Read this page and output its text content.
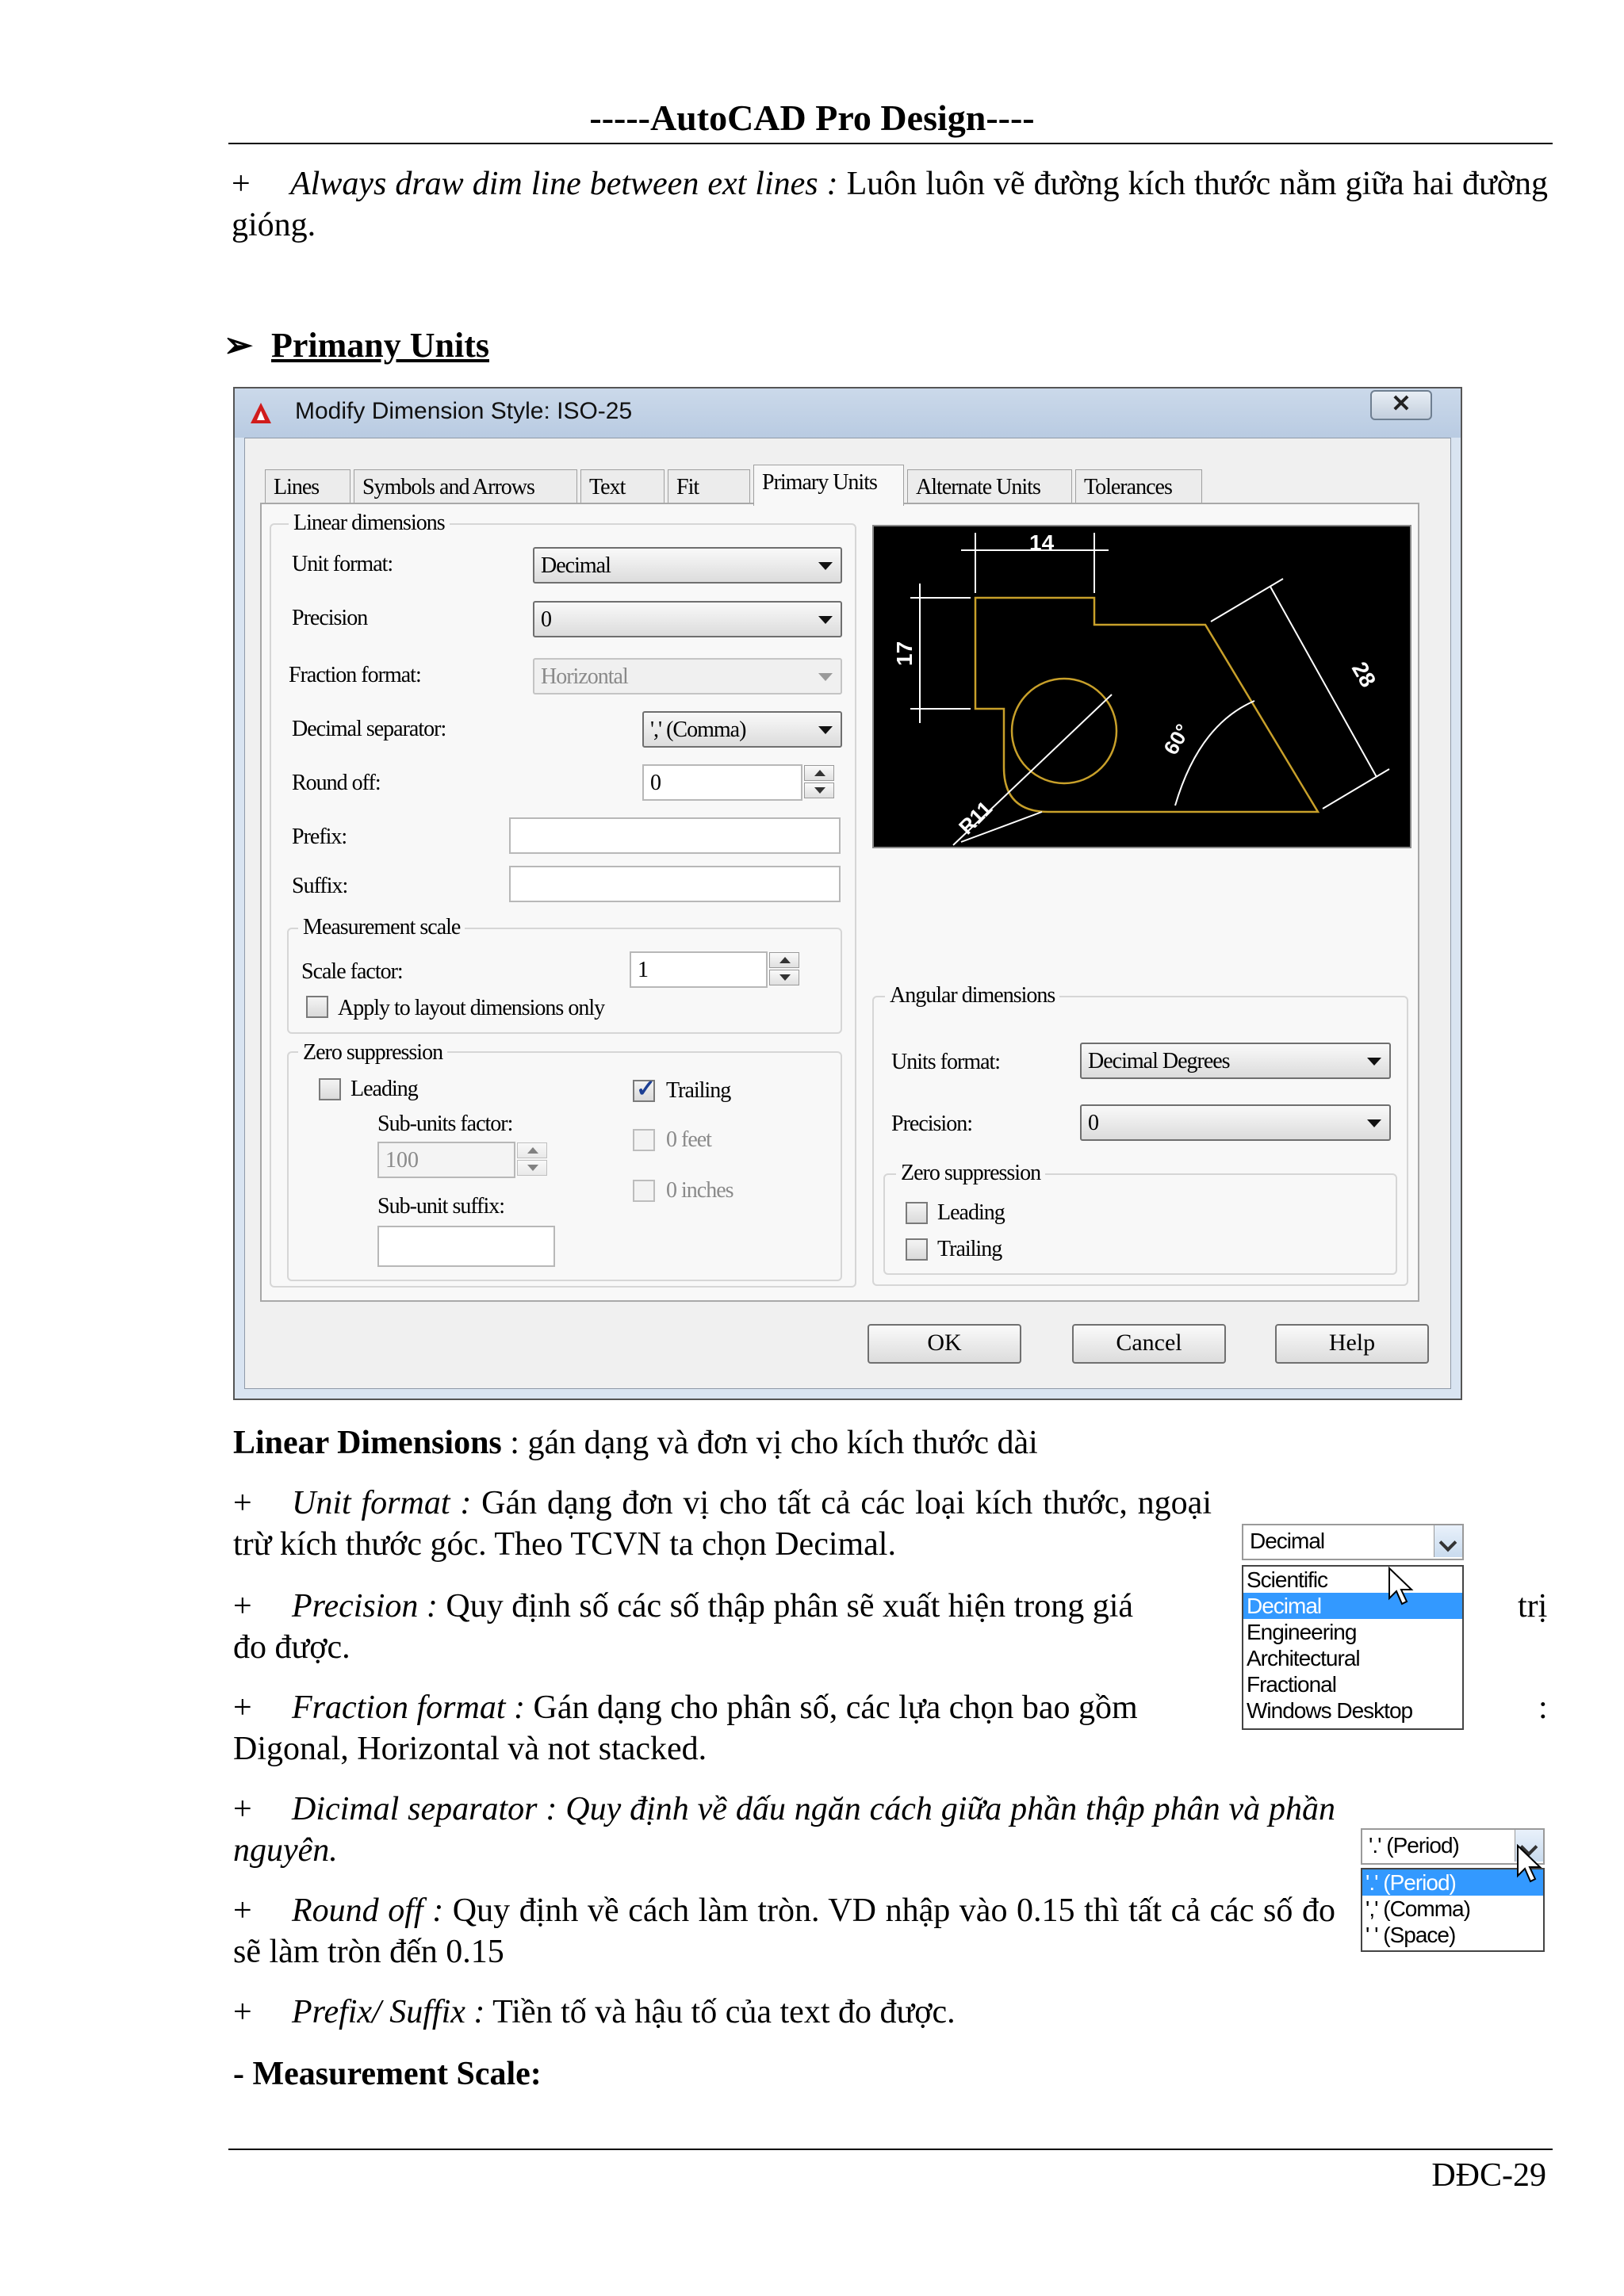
-----AutoCAD Pro Design----
+ Always draw dim line between ext lines : Luôn luôn vẽ đường kích thước nằm giữa hai đường gióng.
➢ Primany Units
Modify Dimension Style: ISO-25	✕
Lines	Symbols and Arrows	Text	Fit	Primary Units	Alternate Units	Tolerances
Linear dimensions
Unit format:	Decimal
Precision	0
Fraction format:	Horizontal
Decimal separator:	',' (Comma)
Round off:	0
Prefix:
Suffix:
Measurement scale
Scale factor:	1
Apply to layout dimensions only
Zero suppression
Leading
Sub-units factor:
100
Sub-unit suffix:
✓
Trailing
0 feet
0 inches
14
17
28
60°
R11
Angular dimensions
Units format:	Decimal Degrees
Precision:	0
Zero suppression
Leading
Trailing
OK	Cancel	Help
Linear Dimensions : gán dạng và đơn vị cho kích thước dài
+ Unit format : Gán dạng đơn vị cho tất cả các loại kích thước, ngoại trừ kích thước góc. Theo TCVN ta chọn Decimal.
+ Precision : Quy định số các số thập phân sẽ xuất hiện trong giá	trị
đo được.
+ Fraction format : Gán dạng cho phân số, các lựa chọn bao gồm	:
Digonal, Horizontal và not stacked.
+ Dicimal separator : Quy định về dấu ngăn cách giữa phần thập phân và phần nguyên.
+ Round off : Quy định về cách làm tròn. VD nhập vào 0.15 thì tất cả các số đo sẽ làm tròn đến 0.15
+ Prefix/ Suffix : Tiền tố và hậu tố của text đo được.
- Measurement Scale:
Decimal
Scientific
Decimal
Engineering
Architectural
Fractional
Windows Desktop
'.' (Period)
'.' (Period)
',' (Comma)
' ' (Space)
DĐC-29
